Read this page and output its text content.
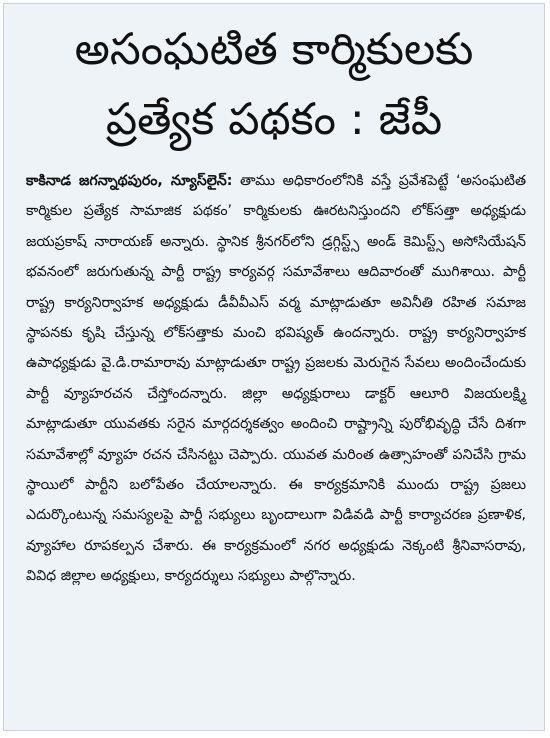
అసంఘటిత కార్మికులకు
ప్రత్యేక పథకం : జేపీ

కాకినాడ జగన్నాథపురం, న్యూస్‌లైన్: తాము అధికారంలోనికి వస్తే ప్రవేశపెట్టే ‘అసంఘటిత కార్మికుల ప్రత్యేక సామాజిక పథకం’ కార్మికులకు ఊరటనిస్తుందని లోక్‌సత్తా అధ్యక్షుడు జయప్రకాష్ నారాయణ్ అన్నారు. స్థానిక శ్రీనగర్‌లోని డ్రగ్గిస్ట్స్ అండ్ కెమిస్ట్స్ అసోసియేషన్ భవనంలో జరుగుతున్న పార్టీ రాష్ట్ర కార్యవర్గ సమావేశాలు ఆదివారంతో ముగిశాయి. పార్టీ రాష్ట్ర కార్యనిర్వాహక అధ్యక్షుడు డీవీవీఎస్ వర్మ మాట్లాడుతూ అవినీతి రహిత సమాజ స్థాపనకు కృషి చేస్తున్న లోక్‌సత్తాకు మంచి భవిష్యత్ ఉందన్నారు. రాష్ట్ర కార్యనిర్వాహక ఉపాధ్యక్షుడు వై.డి.రామారావు మాట్లాడుతూ రాష్ట్ర ప్రజలకు మెరుగైన సేవలు అందించేందుకు పార్టీ వ్యూహరచన చేస్తోందన్నారు. జిల్లా అధ్యక్షురాలు డాక్టర్ ఆలూరి విజయలక్ష్మి మాట్లాడుతూ యువతకు సరైన మార్గదర్శకత్వం అందించి రాష్ట్రాన్ని పురోభివృద్ధి చేసే దిశగా సమావేశాల్లో వ్యూహ రచన చేసినట్టు చెప్పారు. యువత మరింత ఉత్సాహంతో పనిచేసి గ్రామ స్థాయిలో పార్టీని బలోపేతం చేయాలన్నారు. ఈ కార్యక్రమానికి ముందు రాష్ట్ర ప్రజలు ఎదుర్కొంటున్న సమస్యలపై పార్టీ సభ్యులు బృందాలుగా విడివడి పార్టీ కార్యాచరణ ప్రణాళిక, వ్యూహాల రూపకల్పన చేశారు. ఈ కార్యక్రమంలో నగర అధ్యక్షుడు నెక్కంటి శ్రీనివాసరావు, వివిధ జిల్లాల అధ్యక్షులు, కార్యదర్శులు సభ్యులు పాల్గొన్నారు.
